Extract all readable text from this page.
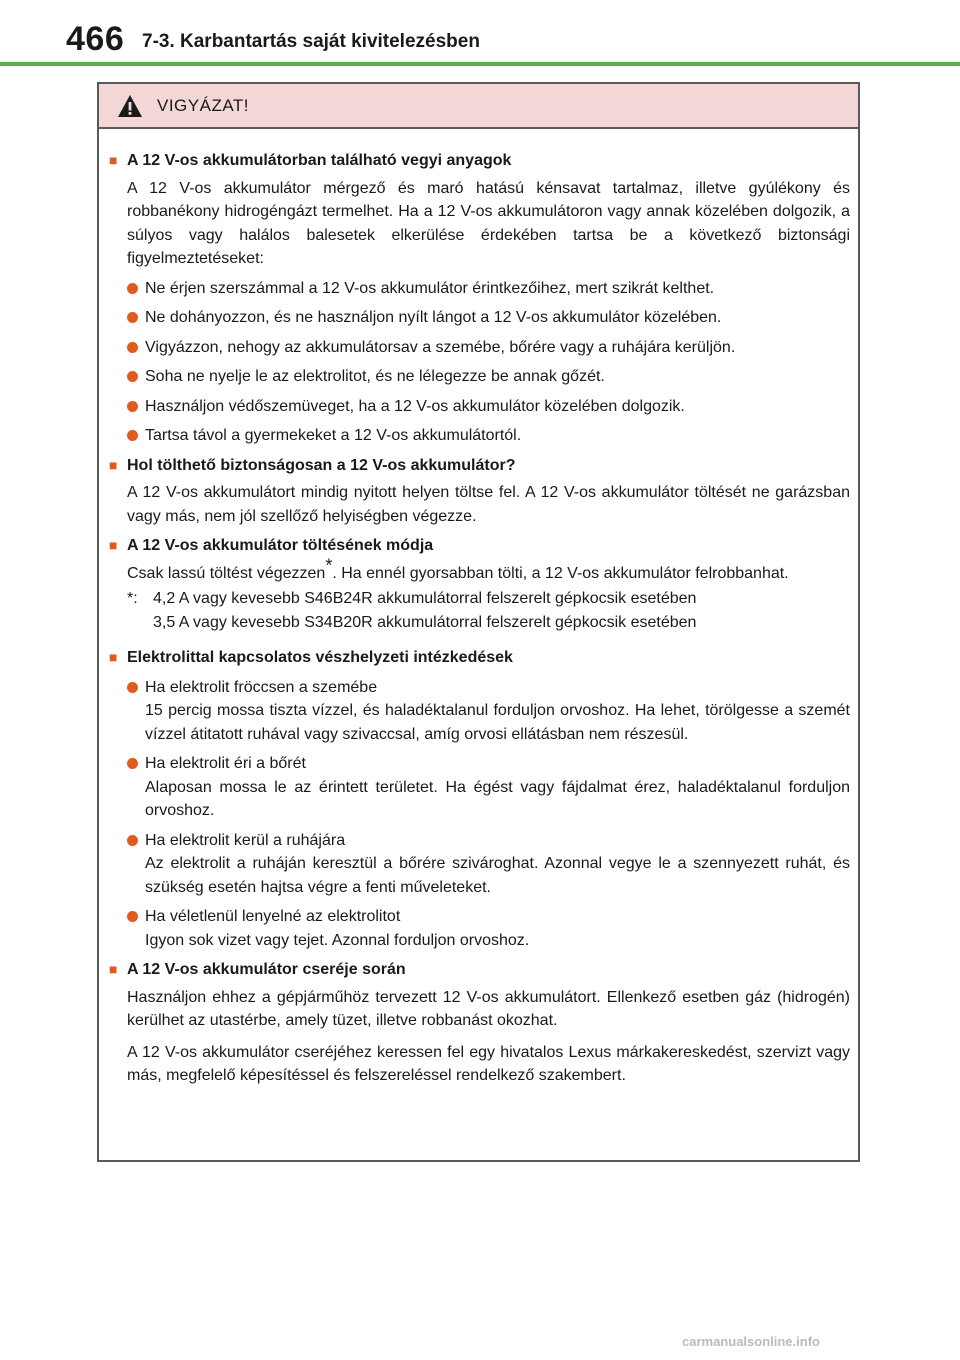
466 7-3. Karbantartás saját kivitelezésben
VIGYÁZAT!
■ A 12 V-os akkumulátorban található vegyi anyagok
A 12 V-os akkumulátor mérgező és maró hatású kénsavat tartalmaz, illetve gyúlékony és robbanékony hidrogéngázt termelhet. Ha a 12 V-os akkumulátoron vagy annak közelében dolgozik, a súlyos vagy halálos balesetek elkerülése érdekében tartsa be a következő biztonsági figyelmeztetéseket:
Ne érjen szerszámmal a 12 V-os akkumulátor érintkezőihez, mert szikrát kelthet.
Ne dohányozzon, és ne használjon nyílt lángot a 12 V-os akkumulátor közelében.
Vigyázzon, nehogy az akkumulátorsav a szemébe, bőrére vagy a ruhájára kerüljön.
Soha ne nyelje le az elektrolitot, és ne lélegezze be annak gőzét.
Használjon védőszemüveget, ha a 12 V-os akkumulátor közelében dolgozik.
Tartsa távol a gyermekeket a 12 V-os akkumulátortól.
■ Hol tölthető biztonságosan a 12 V-os akkumulátor?
A 12 V-os akkumulátort mindig nyitott helyen töltse fel. A 12 V-os akkumulátor töltését ne garázsban vagy más, nem jól szellőző helyiségben végezze.
■ A 12 V-os akkumulátor töltésének módja
Csak lassú töltést végezzen*. Ha ennél gyorsabban tölti, a 12 V-os akkumulátor felrobbanhat.
*: 4,2 A vagy kevesebb S46B24R akkumulátorral felszerelt gépkocsik esetében
3,5 A vagy kevesebb S34B20R akkumulátorral felszerelt gépkocsik esetében
■ Elektrolittal kapcsolatos vészhelyzeti intézkedések
Ha elektrolit fröccsen a szemébe
15 percig mossa tiszta vízzel, és haladéktalanul forduljon orvoshoz. Ha lehet, törölgesse a szemét vízzel átitatott ruhával vagy szivaccsal, amíg orvosi ellátásban nem részesül.
Ha elektrolit éri a bőrét
Alaposan mossa le az érintett területet. Ha égést vagy fájdalmat érez, haladéktalanul forduljon orvoshoz.
Ha elektrolit kerül a ruhájára
Az elektrolit a ruháján keresztül a bőrére szivároghat. Azonnal vegye le a szennyezett ruhát, és szükség esetén hajtsa végre a fenti műveleteket.
Ha véletlenül lenyelné az elektrolitot
Igyon sok vizet vagy tejet. Azonnal forduljon orvoshoz.
■ A 12 V-os akkumulátor cseréje során
Használjon ehhez a gépjárműhöz tervezett 12 V-os akkumulátort. Ellenkező esetben gáz (hidrogén) kerülhet az utastérbe, amely tüzet, illetve robbanást okozhat.
A 12 V-os akkumulátor cseréjéhez keressen fel egy hivatalos Lexus márkakereskedést, szervizt vagy más, megfelelő képesítéssel és felszereléssel rendelkező szakembert.
carmanualsonline.info
